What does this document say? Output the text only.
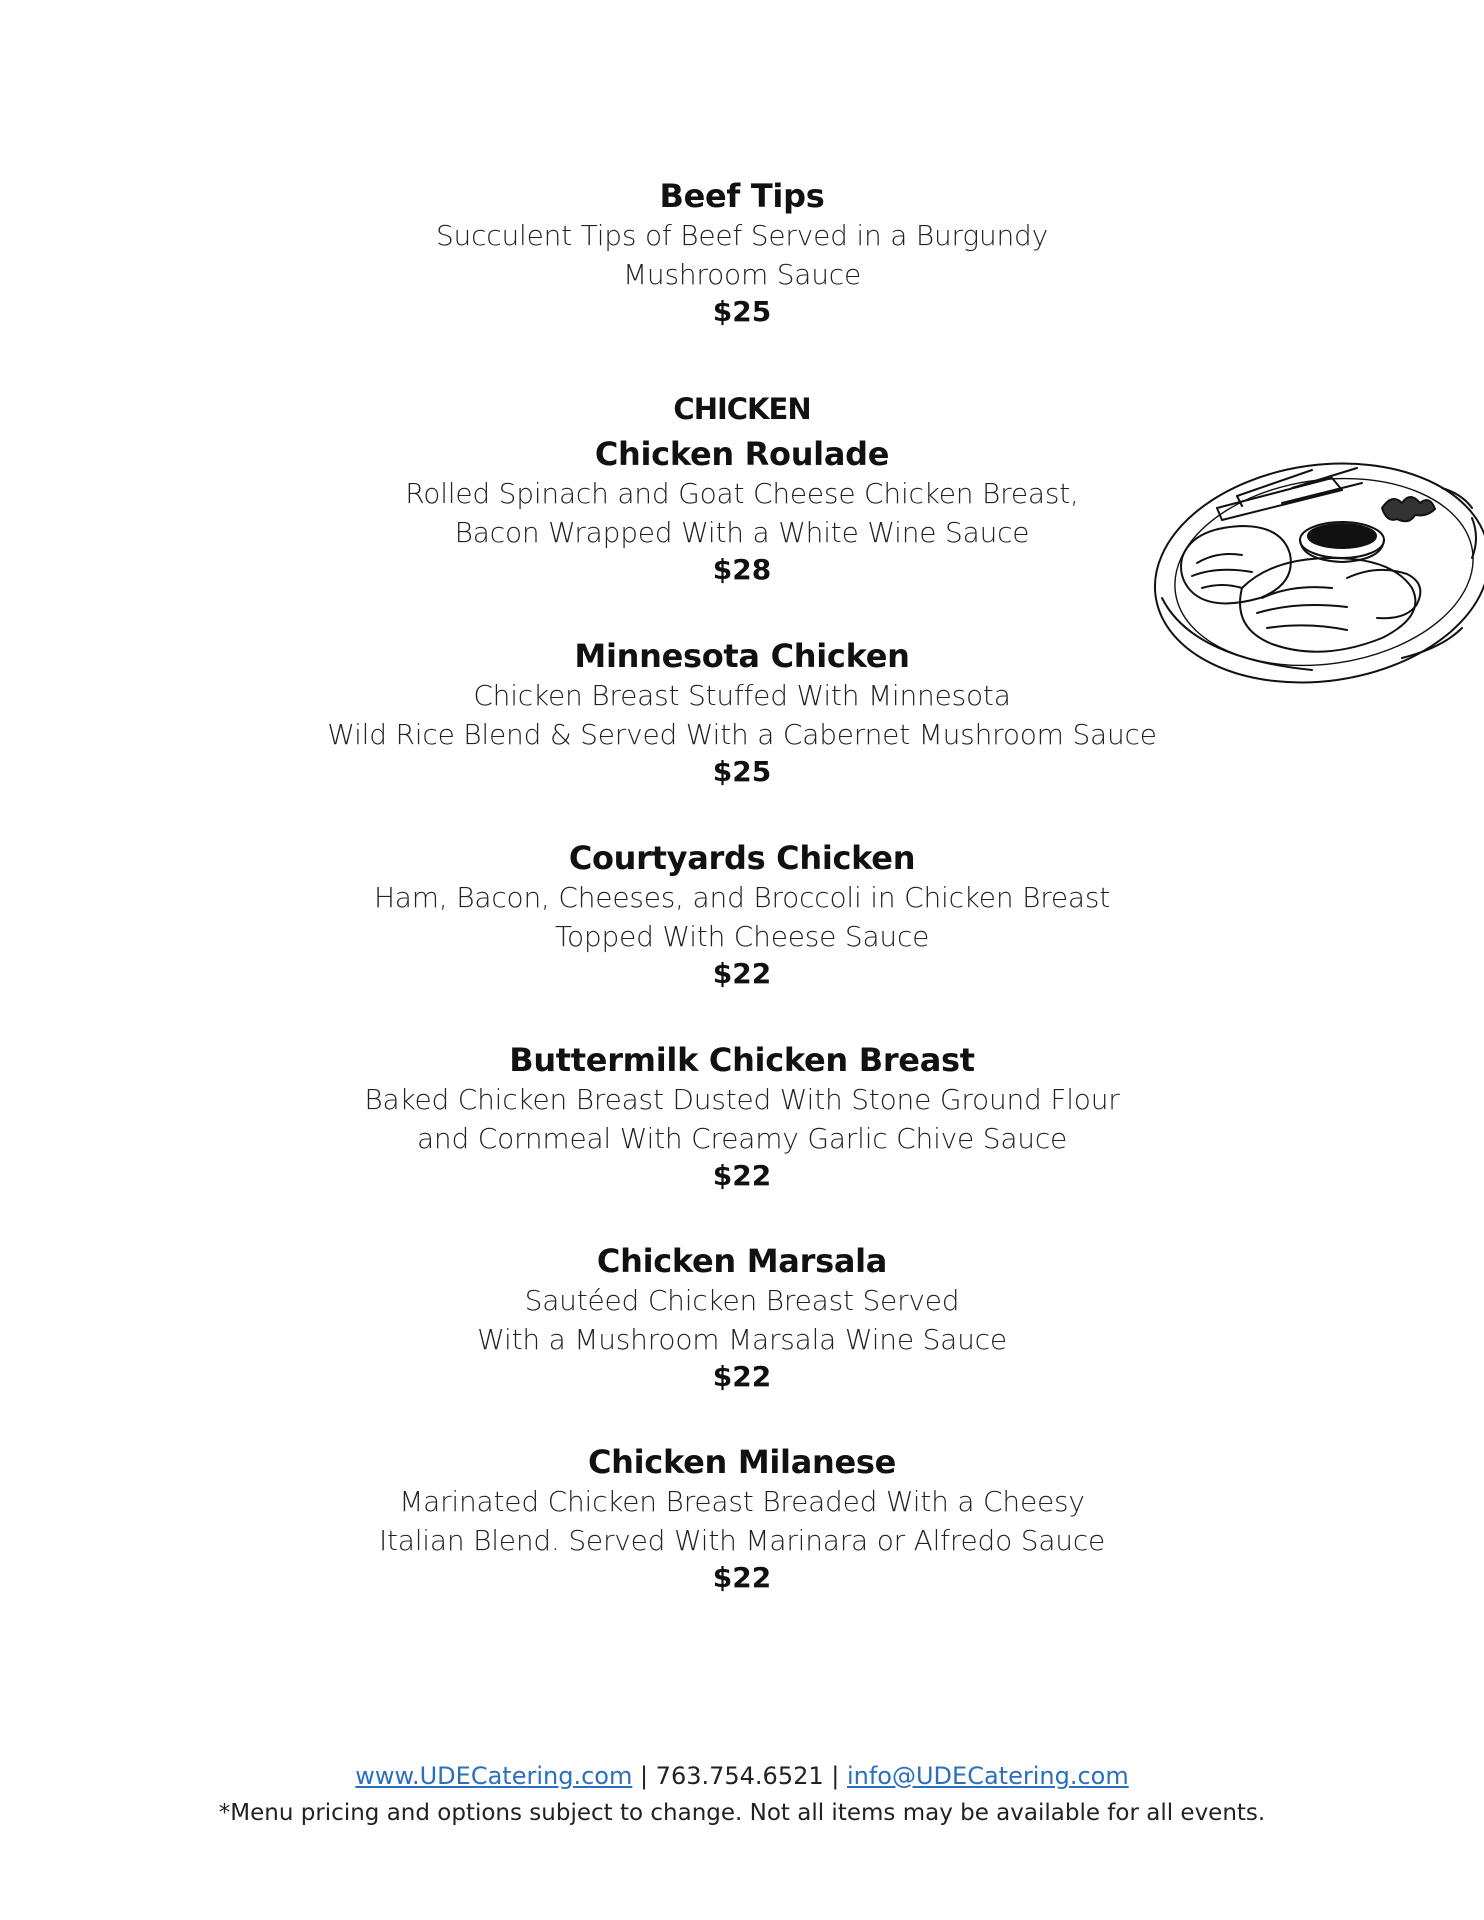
Beef Tips
Succulent Tips of Beef Served in a Burgundy
Mushroom Sauce
$25
chicken
Chicken Roulade
Rolled Spinach and Goat Cheese Chicken Breast,
Bacon Wrapped With a White Wine Sauce
$28
Minnesota Chicken
Chicken Breast Stuffed With Minnesota
Wild Rice Blend & Served With a Cabernet Mushroom Sauce
$25
Courtyards Chicken
Ham, Bacon, Cheeses, and Broccoli in Chicken Breast
Topped With Cheese Sauce
$22
Buttermilk Chicken Breast
Baked Chicken Breast Dusted With Stone Ground Flour
and Cornmeal With Creamy Garlic Chive Sauce
$22
Chicken Marsala
Sautéed Chicken Breast Served
With a Mushroom Marsala Wine Sauce
$22
Chicken Milanese
Marinated Chicken Breast Breaded With a Cheesy
Italian Blend. Served With Marinara or Alfredo Sauce
$22
www.UDECatering.com | 763.754.6521 | info@UDECatering.com
*Menu pricing and options subject to change. Not all items may be available for all events.
